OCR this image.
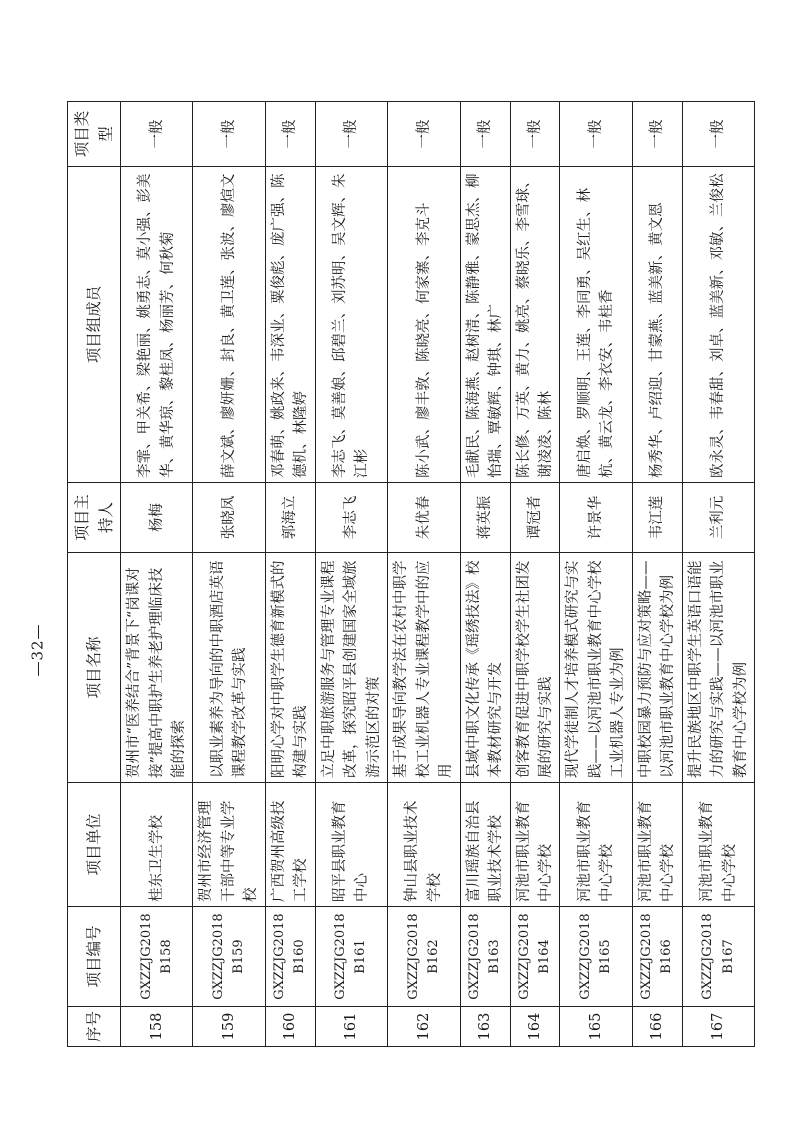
序号	项目编号	项目单位	项目名称	项目主持人	项目组成员	项目类型
158	GXZZJG2018B158	桂东卫生学校	贺州市“医养结合”背景下“岗课对接”提高中职护生养老护理临床技能的探索	杨梅	李霏、甲关希、梁艳丽、姚勇志、莫小强、彭美华、黄华琼、黎桂凤、杨丽芳、何秋菊	一般
159	GXZZJG2018B159	贺州市经济管理干部中等专业学校	以职业素养为导向的中职酒店英语课程教学改革与实践	张晓凤	薛文斌、廖妍姗、封良、黄卫莲、张波、廖煊文	一般
160	GXZZJG2018B160	广西贺州高级技工学校	阳明心学对中职学生德育新模式的构建与实践	郭海立	邓春萌、姚政来、韦深业、粟俊彪、庞广强、陈德机、林隆婷	一般
161	GXZZJG2018B161	昭平县职业教育中心	立足中职旅游服务与管理专业课程改革，探究昭平县创建国家全域旅游示范区的对策	李志飞	李志飞、莫善娘、邱碧兰、刘苏明、吴文辉、朱江彬	一般
162	GXZZJG2018B162	钟山县职业技术学校	基于成果导向教学法在农村中职学校工业机器人专业课程教学中的应用	朱优春	陈小武、廖丰敦、陈晓亮、何家寨、李克斗	一般
163	GXZZJG2018B163	富川瑶族自治县职业技术学校	县域中职文化传承《瑶绣技法》校本教材研究与开发	蒋英振	毛献民、陈海燕、赵树清、陈静雅、蒙思杰、柳怡瑞、覃敏辉、钟琪、林广	一般
164	GXZZJG2018B164	河池市职业教育中心学校	创客教育促进中职学校学生社团发展的研究与实践	谭冠者	陈长修、万英、黄力、姚亮、蔡晓乐、李雪球、谢凌凌、陈林	一般
165	GXZZJG2018B165	河池市职业教育中心学校	现代学徒制人才培养模式研究与实践——以河池市职业教育中心学校工业机器人专业为例	许景华	唐启焕、罗顺明、王莲、李同勇、吴红生、林杭、黄云龙、李衣安、韦桂香	一般
166	GXZZJG2018B166	河池市职业教育中心学校	中职校园暴力预防与应对策略——以河池市职业教育中心学校为例	韦江莲	杨秀华、卢绍迎、甘蒙燕、蓝美新、黄文恩	一般
167	GXZZJG2018B167	河池市职业教育中心学校	提升民族地区中职学生英语口语能力的研究与实践——以河池市职业教育中心学校为例	兰利元	欧永灵、韦春甜、刘卓、蓝美新、邓敏、兰俊松	一般
—32—
